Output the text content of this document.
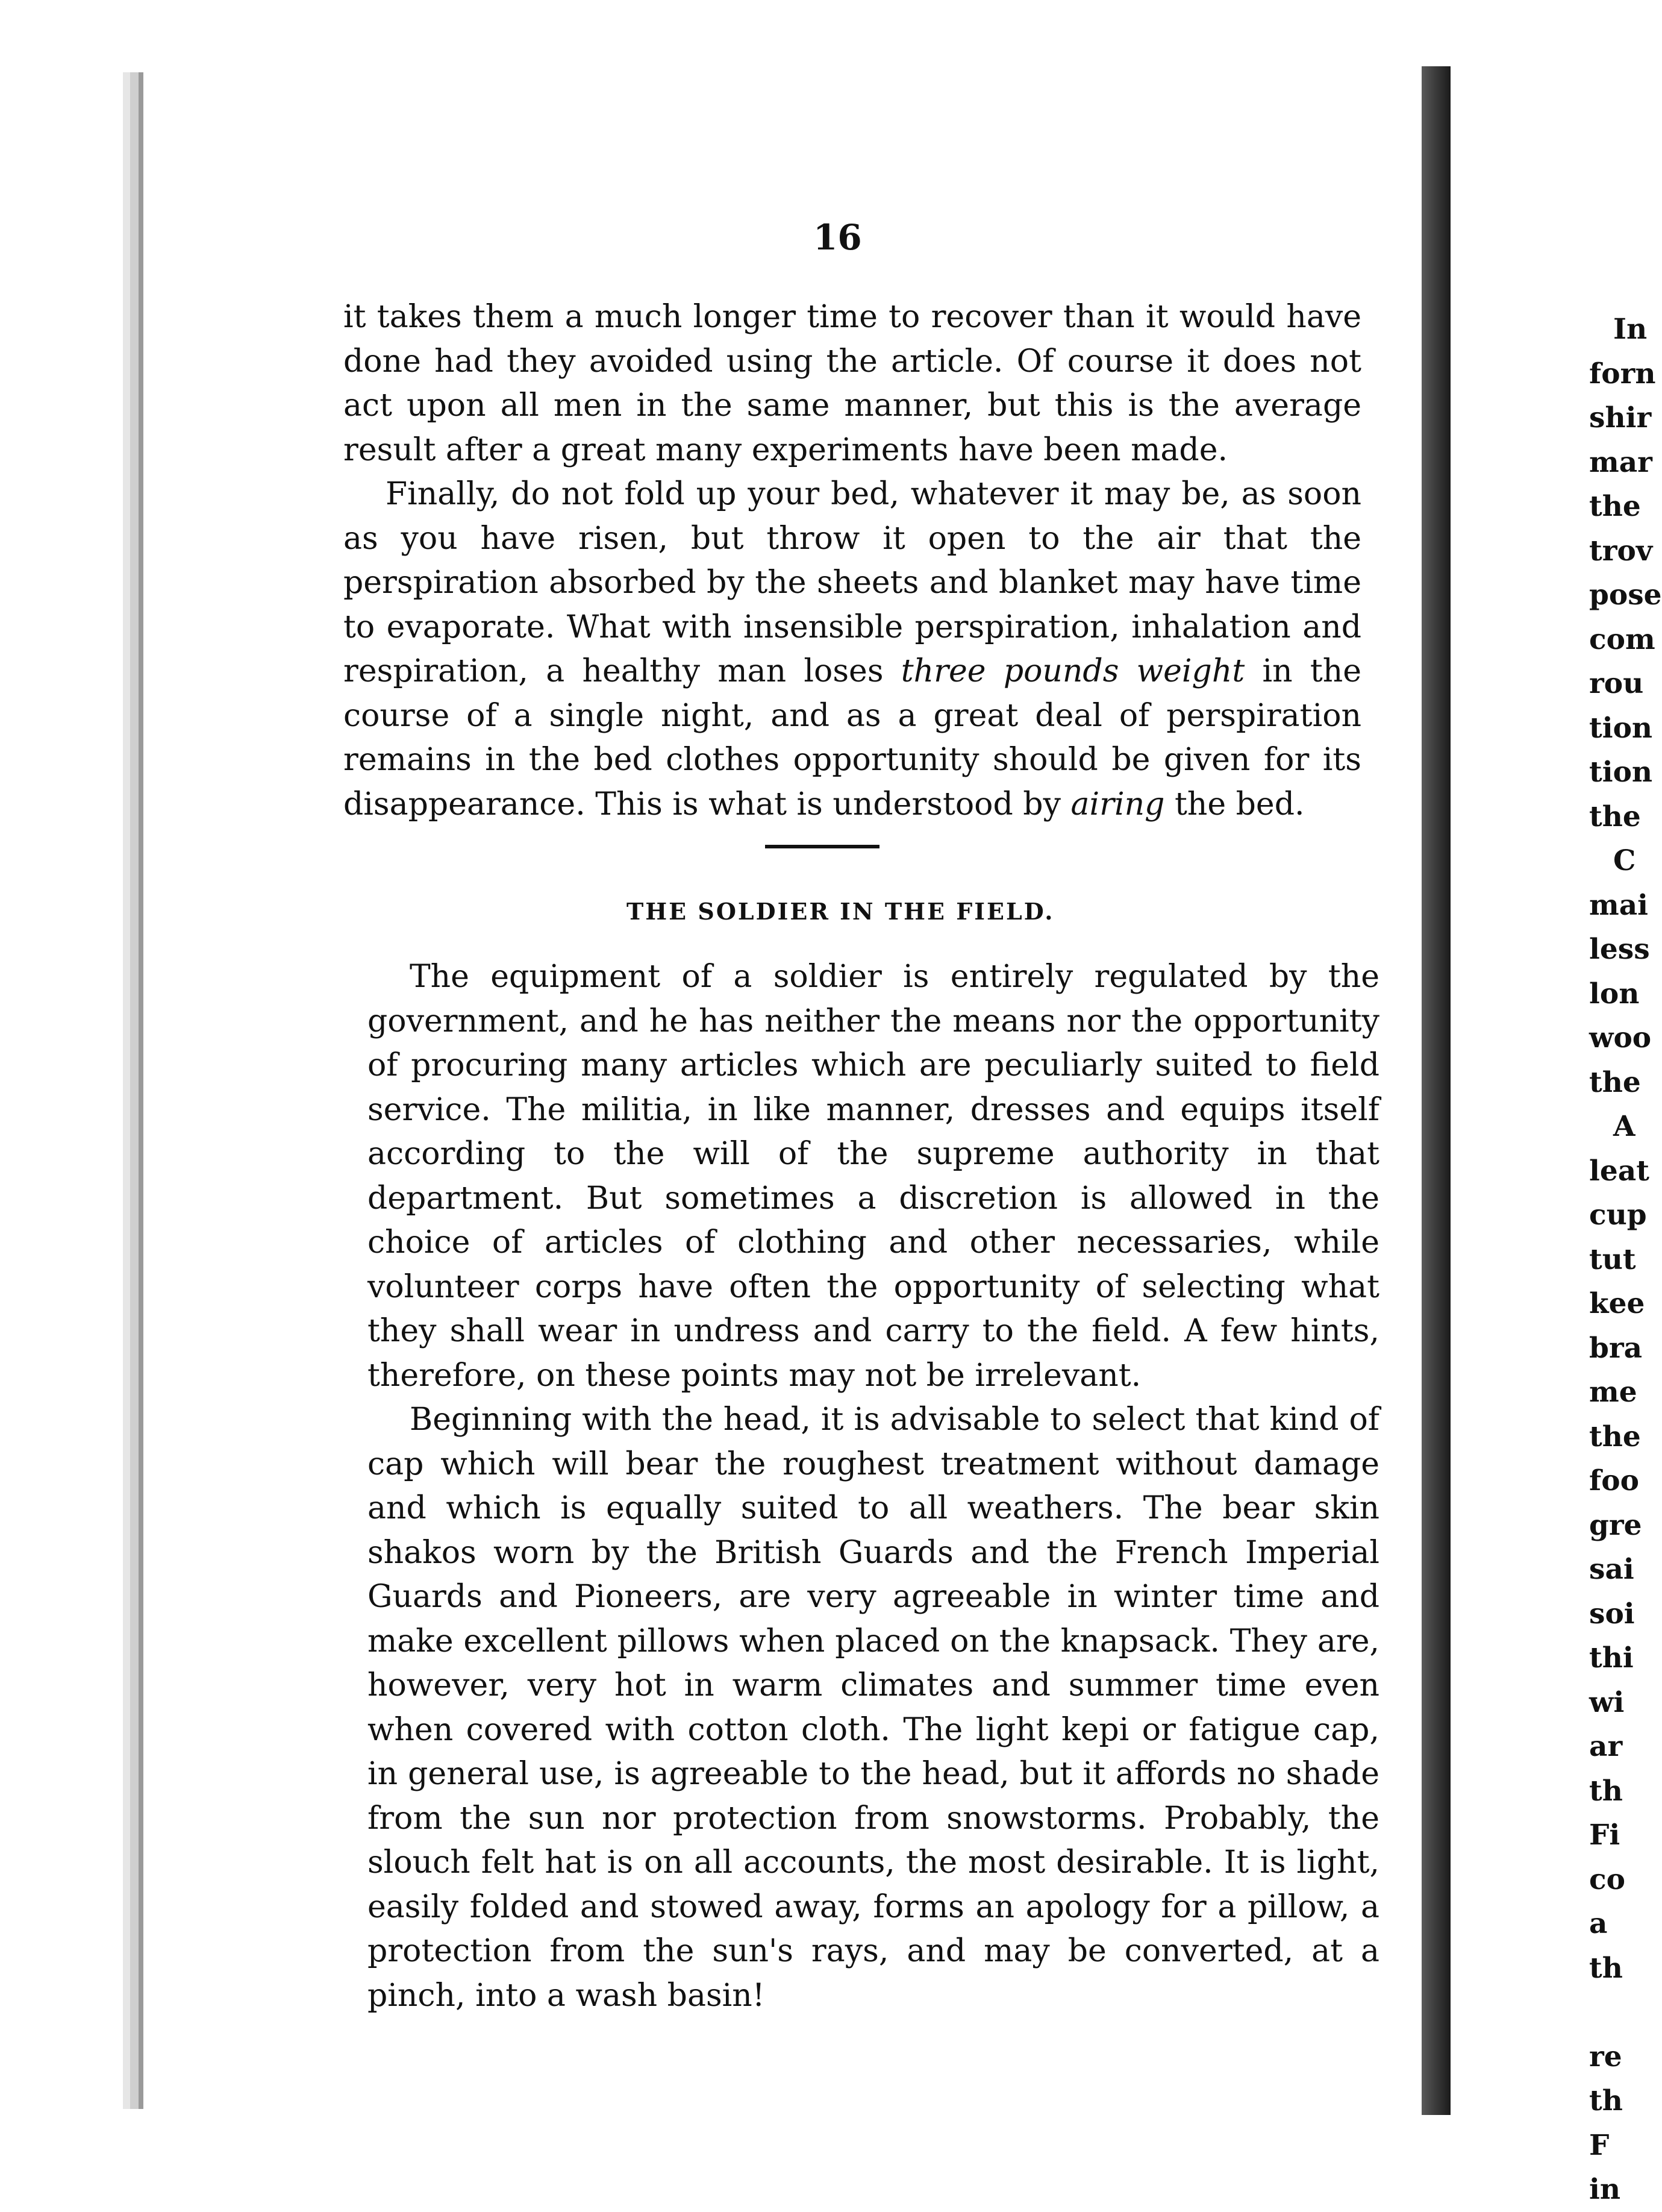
In
forn
shir
mar
the
trov
pose
com
rou
tion
tion
the
C
mai
less
lon
woo
the
A
leat
cup
tut
kee
bra
me
the
foo
gre
sai
soi
thi
wi
ar
th
Fi
co
a
th
re
th
F
in
16

it takes them a much longer time to recover than it would have done had they avoided using the article. Of course it does not act upon all men in the same manner, but this is the average result after a great many experiments have been made.

Finally, do not fold up your bed, whatever it may be, as soon as you have risen, but throw it open to the air that the perspiration absorbed by the sheets and blanket may have time to evaporate. What with insensible perspiration, inhalation and respiration, a healthy man loses three pounds weight in the course of a single night, and as a great deal of perspiration remains in the bed clothes opportunity should be given for its disappearance. This is what is understood by airing the bed.

THE SOLDIER IN THE FIELD.

The equipment of a soldier is entirely regulated by the government, and he has neither the means nor the opportunity of procuring many articles which are peculiarly suited to field service. The militia, in like manner, dresses and equips itself according to the will of the supreme authority in that department. But sometimes a discretion is allowed in the choice of articles of clothing and other necessaries, while volunteer corps have often the opportunity of selecting what they shall wear in undress and carry to the field. A few hints, therefore, on these points may not be irrelevant.

Beginning with the head, it is advisable to select that kind of cap which will bear the roughest treatment without damage and which is equally suited to all weathers. The bear skin shakos worn by the British Guards and the French Imperial Guards and Pioneers, are very agreeable in winter time and make excellent pillows when placed on the knapsack. They are, however, very hot in warm climates and summer time even when covered with cotton cloth. The light kepi or fatigue cap, in general use, is agreeable to the head, but it affords no shade from the sun nor protection from snowstorms. Probably, the slouch felt hat is on all accounts, the most desirable. It is light, easily folded and stowed away, forms an apology for a pillow, a protection from the sun's rays, and may be converted, at a pinch, into a wash basin!
